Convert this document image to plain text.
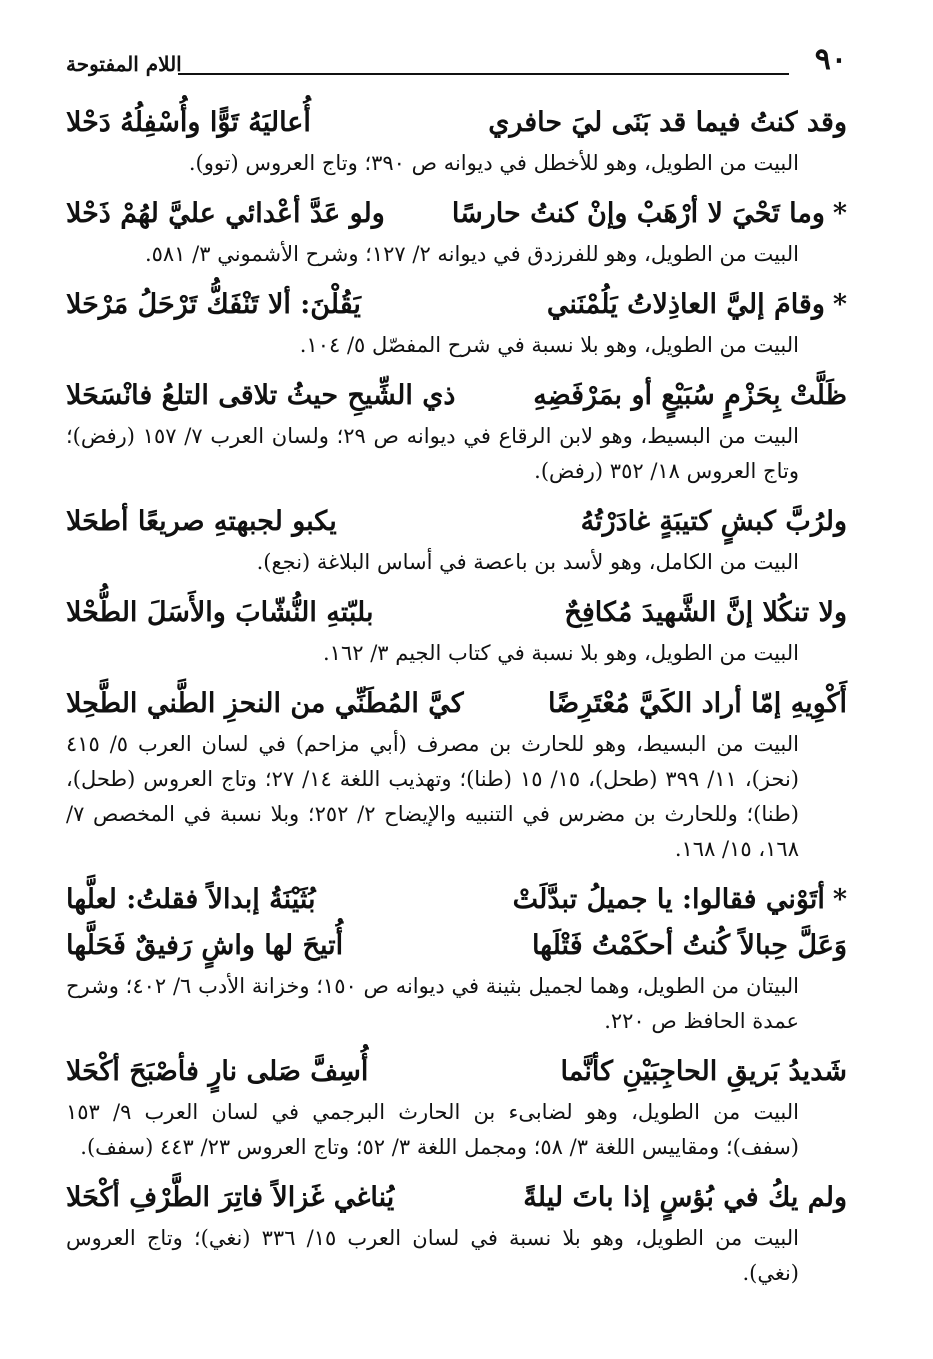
٩٠
اللام المفتوحة
وقد كنتُ فيما قد بَنَى ليَ حافري
أُعاليَهُ تَوًّا وأُسْفِلُهُ دَحْلا
البيت من الطويل، وهو للأخطل في ديوانه ص ٣٩٠؛ وتاج العروس (توو).
*وما تَحْيَ لا أرْهَبْ وإنْ كنتُ حارسًا
ولو عَدَّ أعْدائي عليَّ لهُمْ ذَحْلا
البيت من الطويل، وهو للفرزدق في ديوانه ٢/ ١٢٧؛ وشرح الأشموني ٣/ ٥٨١.
*وقامَ إليَّ العاذِلاتُ يَلُمْنَني
يَقُلْنَ: ألا تَنْفَكُّ تَرْحَلُ مَرْحَلا
البيت من الطويل، وهو بلا نسبة في شرح المفصّل ٥/ ١٠٤.
ظَلَّتْ بِحَزْمٍ سُبَيْعٍ أو بمَرْفَضِهِ
ذي الشِّيحِ حيثُ تلاقى التلعُ فانْسَحَلا
البيت من البسيط، وهو لابن الرقاع في ديوانه ص ٢٩؛ ولسان العرب ٧/ ١٥٧ (رفض)؛ وتاج العروس ١٨/ ٣٥٢ (رفض).
ولرُبَّ كبشٍ كتيبَةٍ غادَرْتُهُ
يكبو لجبهتهِ صريعًا أطحَلا
البيت من الكامل، وهو لأسد بن باعصة في أساس البلاغة (نجع).
ولا تنكُلا إنَّ الشَّهيدَ مُكافِحٌ
بلبّتهِ النُّشّابَ والأَسَلَ الطُّحْلا
البيت من الطويل، وهو بلا نسبة في كتاب الجيم ٣/ ١٦٢.
أَكْوِيهِ إمّا أراد الكَيَّ مُعْتَرِضًا
كيَّ المُطَنِّي من النحزِ الطَّني الطَّحِلا
البيت من البسيط، وهو للحارث بن مصرف (أبي مزاحم) في لسان العرب ٥/ ٤١٥ (نحز)، ١١/ ٣٩٩ (طحل)، ١٥/ ١٥ (طنا)؛ وتهذيب اللغة ١٤/ ٢٧؛ وتاج العروس (طحل)، (طنا)؛ وللحارث بن مضرس في التنبيه والإيضاح ٢/ ٢٥٢؛ وبلا نسبة في المخصص ٧/ ١٦٨، ١٥/ ١٦٨.
*أتَوْني فقالوا: يا جميلُ تبدَّلَتْ
بُثَيْنَةُ إبدالاً فقلتُ: لعلَّها
وَعَلَّ حِبالاً كُنتُ أحكَمْتُ فَتْلَها
أُتيحَ لها واشٍ رَفيقٌ فَحَلَّها
البيتان من الطويل، وهما لجميل بثينة في ديوانه ص ١٥٠؛ وخزانة الأدب ٦/ ٤٠٢؛ وشرح عمدة الحافظ ص ٢٢٠.
شَديدُ بَريقِ الحاجِبَيْنِ كأنَّما
أُسِفَّ صَلى نارٍ فأصْبَحَ أكْحَلا
البيت من الطويل، وهو لضابىء بن الحارث البرجمي في لسان العرب ٩/ ١٥٣ (سفف)؛ ومقاييس اللغة ٣/ ٥٨؛ ومجمل اللغة ٣/ ٥٢؛ وتاج العروس ٢٣/ ٤٤٣ (سفف).
ولم يكُ في بُؤسٍ إذا باتَ ليلةً
يُناغي غَزالاً فاتِرَ الطَّرْفِ أكْحَلا
البيت من الطويل، وهو بلا نسبة في لسان العرب ١٥/ ٣٣٦ (نغي)؛ وتاج العروس (نغي).
